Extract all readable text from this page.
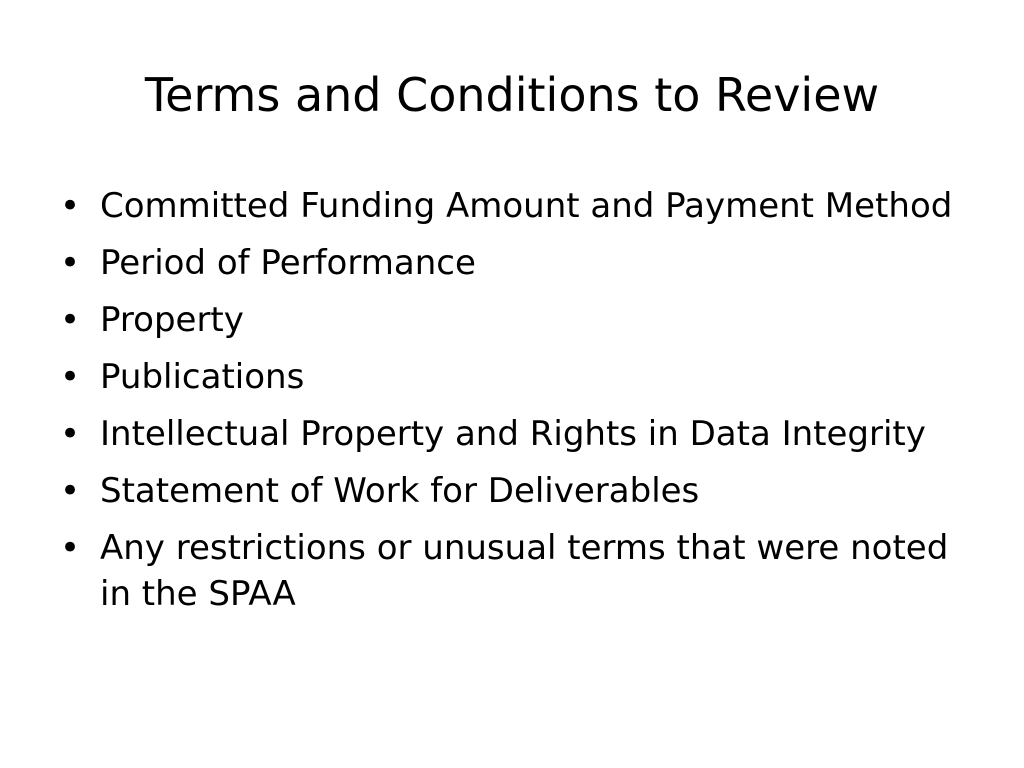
Terms and Conditions to Review
• Committed Funding Amount and Payment Method
• Period of Performance
• Property
• Publications
• Intellectual Property and Rights in Data Integrity
• Statement of Work for Deliverables
• Any restrictions or unusual terms that were noted in the SPAA
